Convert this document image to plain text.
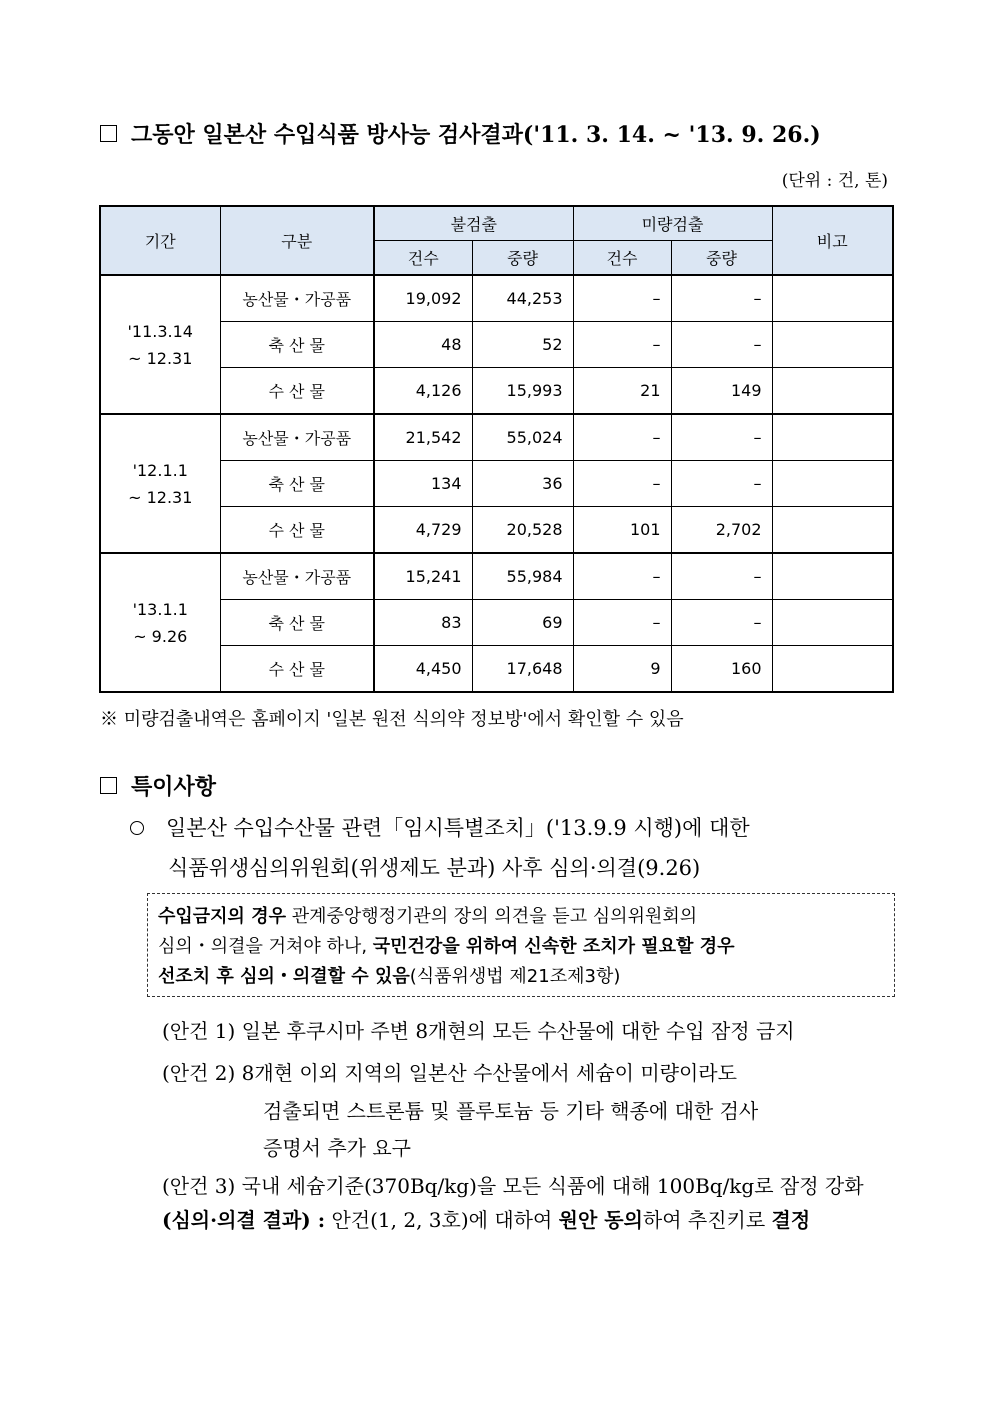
그동안 일본산 수입식품 방사능 검사결과('11. 3. 14. ~ '13. 9. 26.)
(단위 : 건, 톤)
기간	구분	불검출		미량검출		비고
		건수	중량	건수	중량	

'11.3.14
~ 12.31	농산물・가공품	19,092	44,253	–	–	
	축 산 물	48	52	–	–	
	수 산 물	4,126	15,993	21	149	

'12.1.1
~ 12.31	농산물・가공품	21,542	55,024	–	–	
	축 산 물	134	36	–	–	
	수 산 물	4,729	20,528	101	2,702	

'13.1.1
~ 9.26	농산물・가공품	15,241	55,984	–	–	
	축 산 물	83	69	–	–	
	수 산 물	4,450	17,648	9	160	
※ 미량검출내역은 홈페이지 '일본 원전 식의약 정보방'에서 확인할 수 있음
특이사항
일본산 수입수산물 관련「임시특별조치」('13.9.9 시행)에 대한
식품위생심의위원회(위생제도 분과) 사후 심의·의결(9.26)
수입금지의 경우 관계중앙행정기관의 장의 의견을 듣고 심의위원회의
심의・의결을 거쳐야 하나, 국민건강을 위하여 신속한 조치가 필요할 경우
선조치 후 심의・의결할 수 있음(식품위생법 제21조제3항)
(안건 1) 일본 후쿠시마 주변 8개현의 모든 수산물에 대한 수입 잠정 금지
(안건 2) 8개현 이외 지역의 일본산 수산물에서 세슘이 미량이라도
검출되면 스트론튬 및 플루토늄 등 기타 핵종에 대한 검사
증명서 추가 요구
(안건 3) 국내 세슘기준(370Bq/kg)을 모든 식품에 대해 100Bq/kg로 잠정 강화
(심의·의결 결과) : 안건(1, 2, 3호)에 대하여 원안 동의하여 추진키로 결정
